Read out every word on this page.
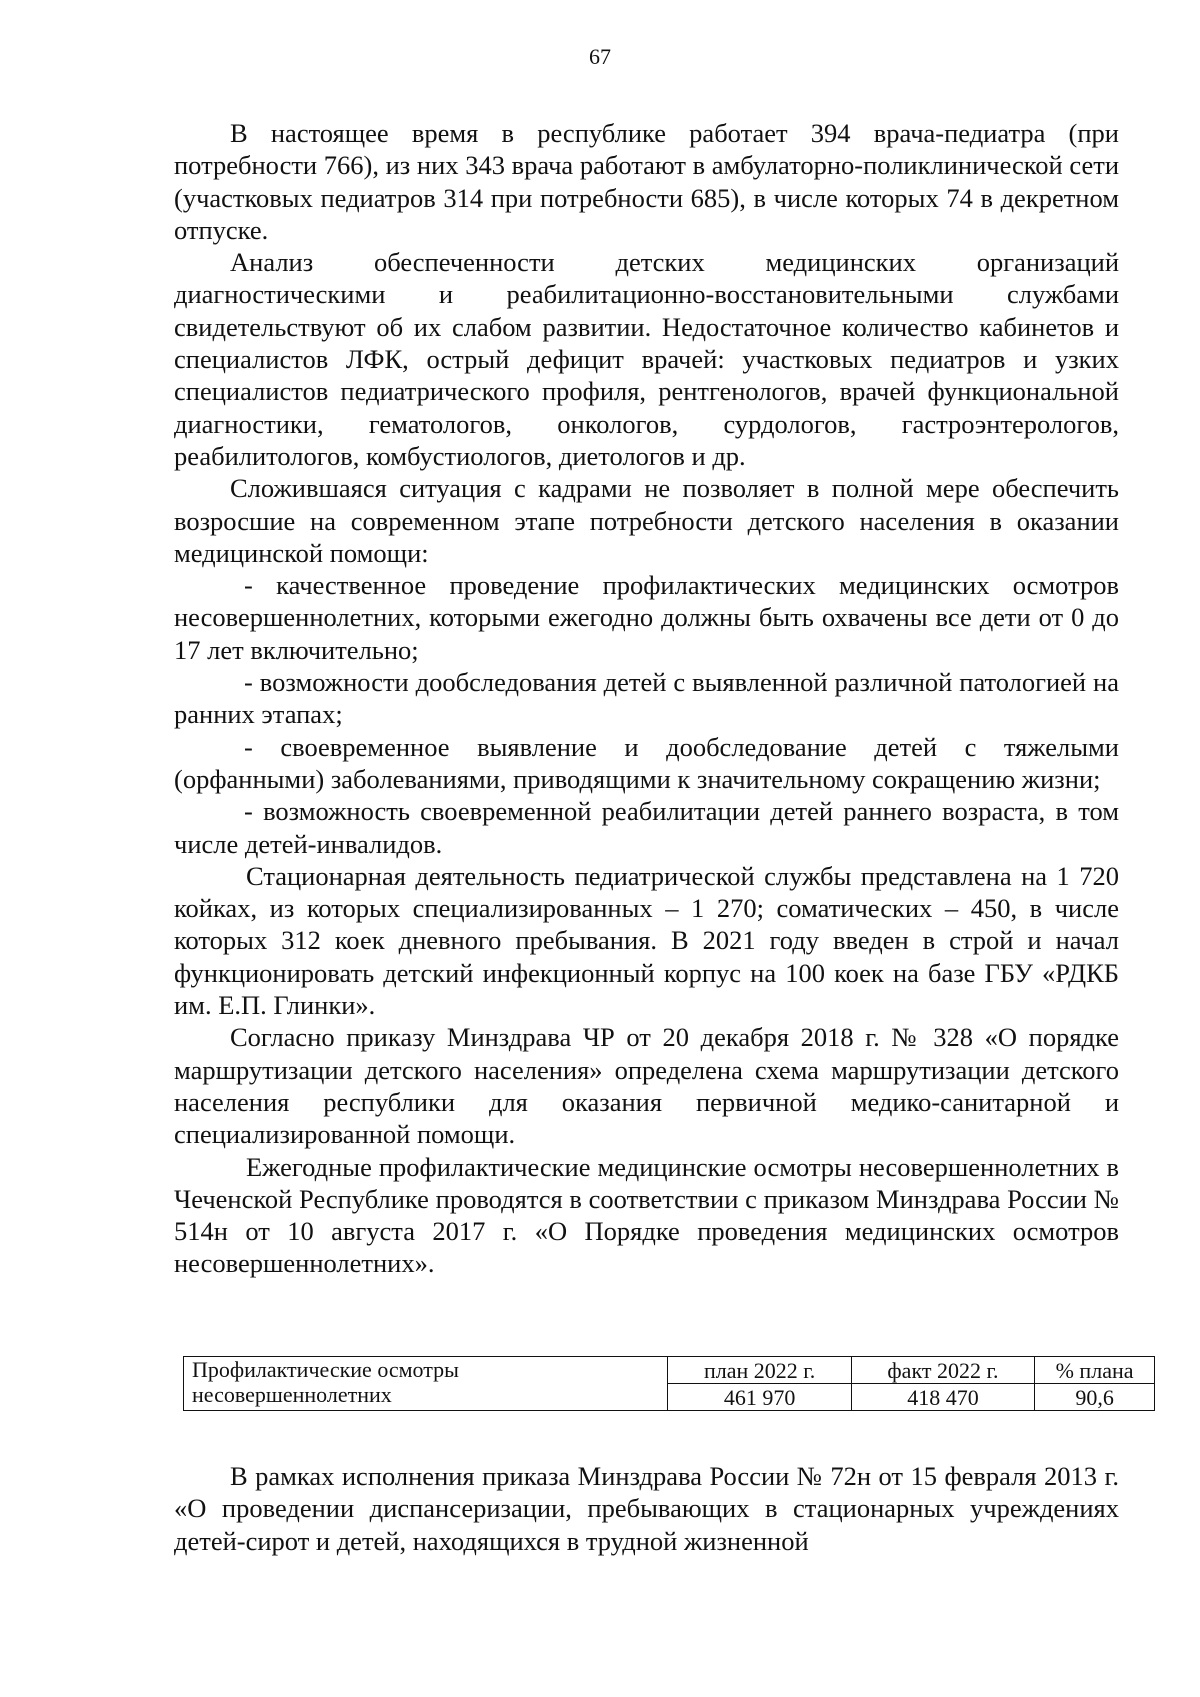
67

В настоящее время в республике работает 394 врача-педиатра (при потребности 766), из них 343 врача работают в амбулаторно-поликлинической сети (участковых педиатров 314 при потребности 685), в числе которых 74 в декретном отпуске.

Анализ обеспеченности детских медицинских организаций диагностическими и реабилитационно-восстановительными службами свидетельствуют об их слабом развитии. Недостаточное количество кабинетов и специалистов ЛФК, острый дефицит врачей: участковых педиатров и узких специалистов педиатрического профиля, рентгенологов, врачей функциональной диагностики, гематологов, онкологов, сурдологов, гастроэнтерологов, реабилитологов, комбустиологов, диетологов и др.

Сложившаяся ситуация с кадрами не позволяет в полной мере обеспечить возросшие на современном этапе потребности детского населения в оказании медицинской помощи:

- качественное проведение профилактических медицинских осмотров несовершеннолетних, которыми ежегодно должны быть охвачены все дети от 0 до 17 лет включительно;

- возможности дообследования детей с выявленной различной патологией на ранних этапах;

- своевременное выявление и дообследование детей с тяжелыми (орфанными) заболеваниями, приводящими к значительному сокращению жизни;

- возможность своевременной реабилитации детей раннего возраста, в том числе детей-инвалидов.

Стационарная деятельность педиатрической службы представлена на 1 720 койках, из которых специализированных – 1 270; соматических – 450, в числе которых 312 коек дневного пребывания. В 2021 году введен в строй и начал функционировать детский инфекционный корпус на 100 коек на базе ГБУ «РДКБ им. Е.П. Глинки».

Согласно приказу Минздрава ЧР от 20 декабря 2018 г. № 328 «О порядке маршрутизации детского населения» определена схема маршрутизации детского населения республики для оказания первичной медико-санитарной и специализированной помощи.

Ежегодные профилактические медицинские осмотры несовершеннолетних в Чеченской Республике проводятся в соответствии с приказом Минздрава России № 514н от 10 августа 2017 г. «О Порядке проведения медицинских осмотров несовершеннолетних».

Профилактические осмотры
несовершеннолетних	план 2022 г.	факт 2022 г.	% плана
	461 970	418 470	90,6

В рамках исполнения приказа Минздрава России № 72н от 15 февраля 2013 г. «О проведении диспансеризации, пребывающих в стационарных учреждениях детей-сирот и детей, находящихся в трудной жизненной
